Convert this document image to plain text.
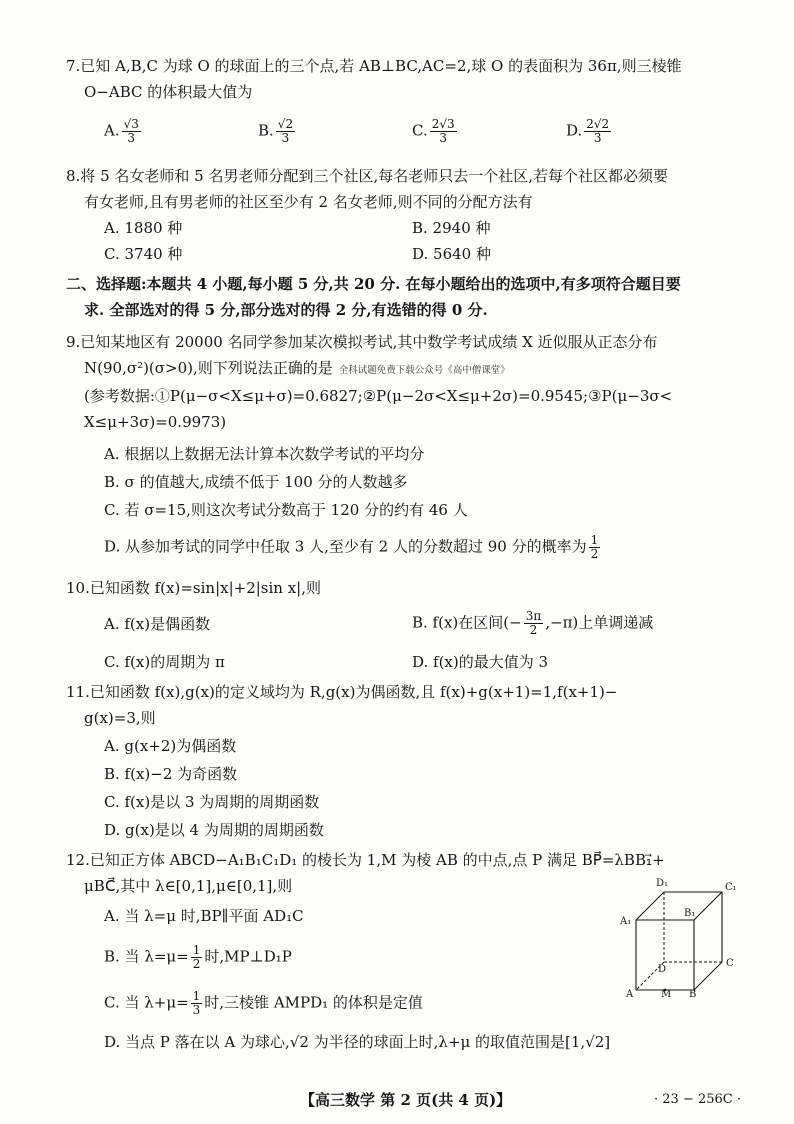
7.已知 A,B,C 为球 O 的球面上的三个点,若 AB⊥BC,AC=2,球 O 的表面积为 36π,则三棱锥
O−ABC 的体积最大值为
A. $\frac{√3}{3}$	B. $\frac{√2}{3}$	C. $\frac{2√3}{3}$	D. $\frac{2√2}{3}$
8.将 5 名女老师和 5 名男老师分配到三个社区,每名老师只去一个社区,若每个社区都必须要
有女老师,且有男老师的社区至少有 2 名女老师,则不同的分配方法有
A. 1880 种	B. 2940 种
C. 3740 种	D. 5640 种
二、选择题:本题共 4 小题,每小题 5 分,共 20 分. 在每小题给出的选项中,有多项符合题目要
求. 全部选对的得 5 分,部分选对的得 2 分,有选错的得 0 分.
9.已知某地区有 20000 名同学参加某次模拟考试,其中数学考试成绩 X 近似服从正态分布
N(90,σ²)(σ>0),则下列说法正确的是 全科试题免费下载公众号《高中僧课堂》
(参考数据:①P(μ−σ<X≤μ+σ)=0.6827;②P(μ−2σ<X≤μ+2σ)=0.9545;③P(μ−3σ<
X≤μ+3σ)=0.9973)
A. 根据以上数据无法计算本次数学考试的平均分
B. σ 的值越大,成绩不低于 100 分的人数越多
C. 若 σ=15,则这次考试分数高于 120 分的约有 46 人
D. 从参加考试的同学中任取 3 人,至少有 2 人的分数超过 90 分的概率为 $\frac{1}{2}$
10.已知函数 f(x)=sin|x|+2|sin x|,则
A. f(x)是偶函数	B. f(x)在区间(− $\frac{3\pi}{2} ,-\pi$)上单调递减
C. f(x)的周期为 π	D. f(x)的最大值为 3
11.已知函数 f(x),g(x)的定义域均为 R,g(x)为偶函数,且 f(x)+g(x+1)=1,f(x+1)−
g(x)=3,则
A. g(x+2)为偶函数
B. f(x)−2 为奇函数
C. f(x)是以 3 为周期的周期函数
D. g(x)是以 4 为周期的周期函数
12.已知正方体 ABCD−A₁B₁C₁D₁ 的棱长为 1,M 为棱 AB 的中点,点 P 满足 BP⃗=λBB₁⃗+
μBC⃗,其中 λ∈[0,1],μ∈[0,1],则
A. 当 λ=μ 时,BP∥平面 AD₁C
B. 当 $\lambda=\mu= \frac{1}{2}$ 时,MP⊥D₁P
C. 当 $\lambda+\mu= \frac{1}{3}$ 时,三棱锥 AMPD₁ 的体积是定值
D. 当点 P 落在以 A 为球心,√2 为半径的球面上时,λ+μ 的取值范围是[1,√2]
D₁	C₁
A₁
B₁
D
C
A	M B
【高三数学 第 2 页(共 4 页)】	· 23 − 256C ·
